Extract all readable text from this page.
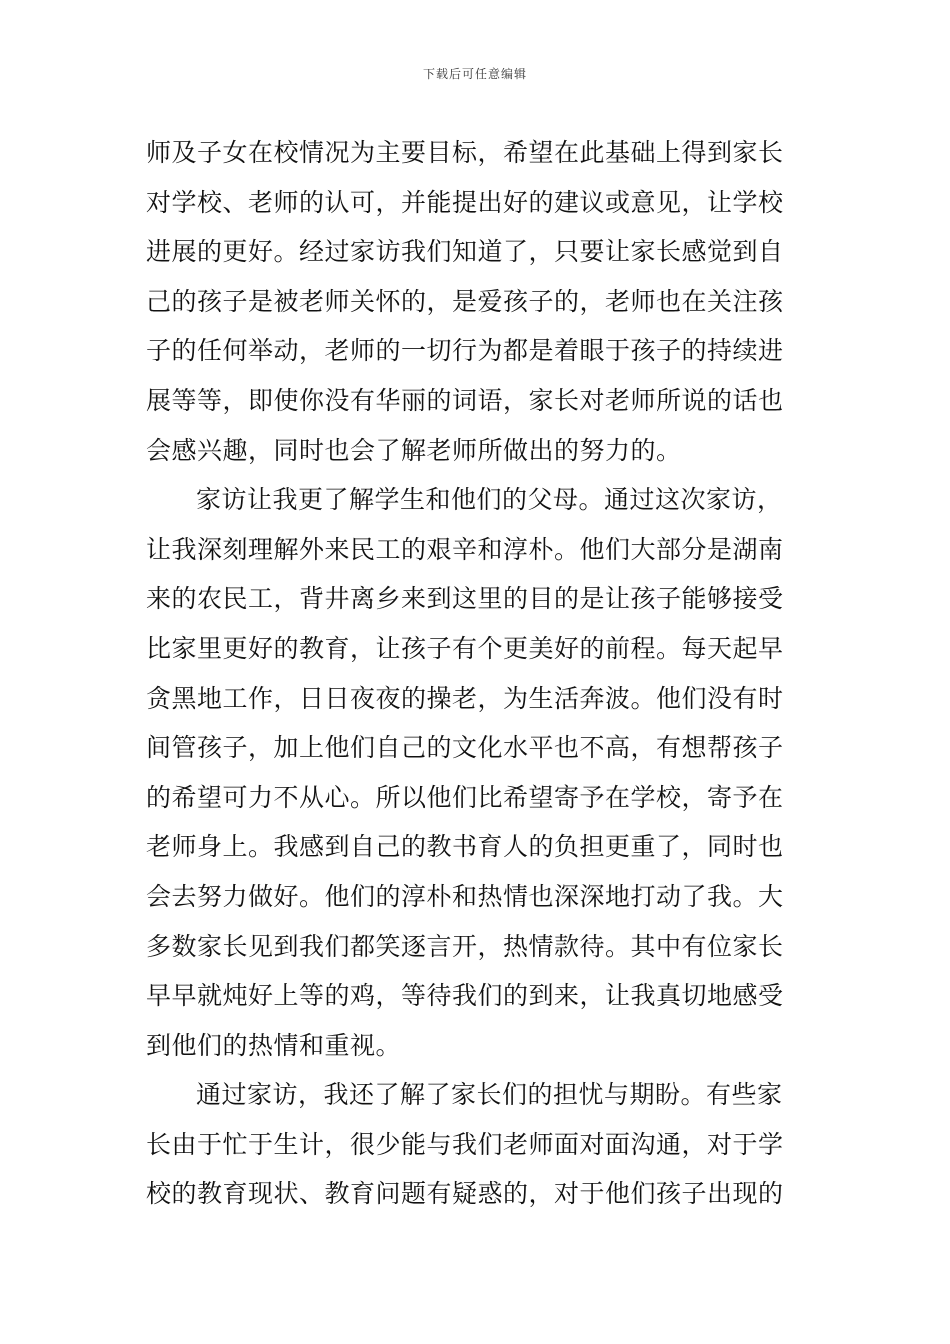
下载后可任意编辑
师及子女在校情况为主要目标，希望在此基础上得到家长
对学校、老师的认可，并能提出好的建议或意见，让学校
进展的更好。经过家访我们知道了，只要让家长感觉到自
己的孩子是被老师关怀的，是爱孩子的，老师也在关注孩
子的任何举动，老师的一切行为都是着眼于孩子的持续进
展等等，即使你没有华丽的词语，家长对老师所说的话也
会感兴趣，同时也会了解老师所做出的努力的。
家访让我更了解学生和他们的父母。通过这次家访，
让我深刻理解外来民工的艰辛和淳朴。他们大部分是湖南
来的农民工，背井离乡来到这里的目的是让孩子能够接受
比家里更好的教育，让孩子有个更美好的前程。每天起早
贪黑地工作，日日夜夜的操老，为生活奔波。他们没有时
间管孩子，加上他们自己的文化水平也不高，有想帮孩子
的希望可力不从心。所以他们比希望寄予在学校，寄予在
老师身上。我感到自己的教书育人的负担更重了，同时也
会去努力做好。他们的淳朴和热情也深深地打动了我。大
多数家长见到我们都笑逐言开，热情款待。其中有位家长
早早就炖好上等的鸡，等待我们的到来，让我真切地感受
到他们的热情和重视。
通过家访，我还了解了家长们的担忧与期盼。有些家
长由于忙于生计，很少能与我们老师面对面沟通，对于学
校的教育现状、教育问题有疑惑的，对于他们孩子出现的
